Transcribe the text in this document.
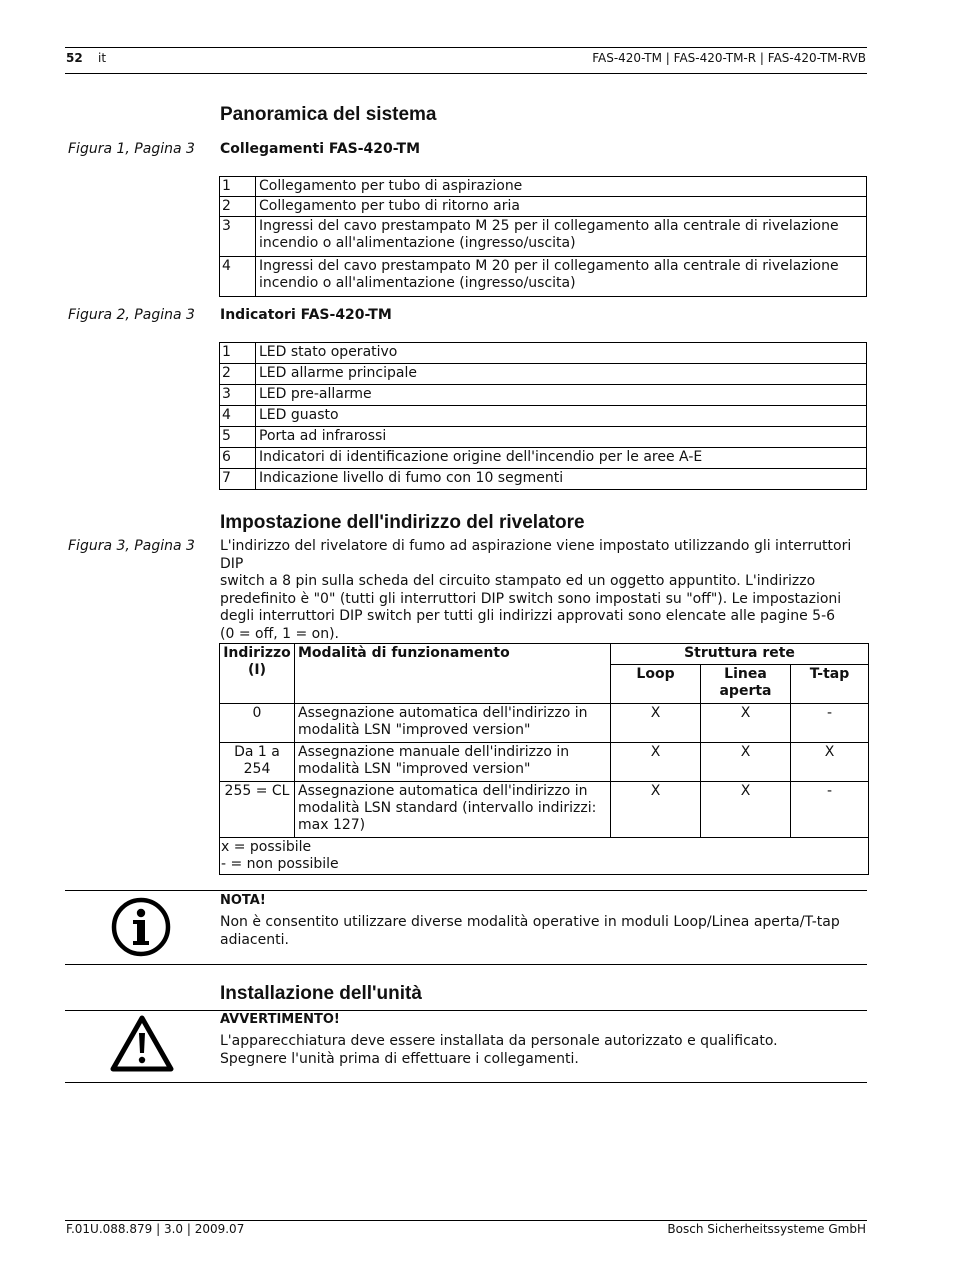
52 it	FAS-420-TM | FAS-420-TM-R | FAS-420-TM-RVB
Panoramica del sistema
Figura 1, Pagina 3 Collegamenti FAS-420-TM
1	Collegamento per tubo di aspirazione
2	Collegamento per tubo di ritorno aria
3	Ingressi del cavo prestampato M 25 per il collegamento alla centrale di rivelazione incendio o all'alimentazione (ingresso/uscita)
4	Ingressi del cavo prestampato M 20 per il collegamento alla centrale di rivelazione incendio o all'alimentazione (ingresso/uscita)
Figura 2, Pagina 3 Indicatori FAS-420-TM
1	LED stato operativo
2	LED allarme principale
3	LED pre-allarme
4	LED guasto
5	Porta ad infrarossi
6	Indicatori di identificazione origine dell'incendio per le aree A-E
7	Indicazione livello di fumo con 10 segmenti
Impostazione dell'indirizzo del rivelatore
Figura 3, Pagina 3 L'indirizzo del rivelatore di fumo ad aspirazione viene impostato utilizzando gli interruttori DIP

switch a 8 pin sulla scheda del circuito stampato ed un oggetto appuntito. L'indirizzo

predefinito è "0" (tutti gli interruttori DIP switch sono impostati su "off"). Le impostazioni

degli interruttori DIP switch per tutti gli indirizzi approvati sono elencate alle pagine 5-6

(0 = off, 1 = on).

Indirizzo (I)	Modalità di funzionamento	Struttura rete		
		Loop	Linea aperta	T-tap
0	Assegnazione automatica dell'indirizzo in modalità LSN "improved version"	X	X	-
Da 1 a 254	Assegnazione manuale dell'indirizzo in modalità LSN "improved version"	X	X	X
255 = CL	Assegnazione automatica dell'indirizzo in modalità LSN standard (intervallo indirizzi: max 127)	X	X	-

x = possibile
- = non possibile				
NOTA!
Non è consentito utilizzare diverse modalità operative in moduli Loop/Linea aperta/T-tap adiacenti.
Installazione dell'unità
AVVERTIMENTO!

L'apparecchiatura deve essere installata da personale autorizzato e qualificato.

Spegnere l'unità prima di effettuare i collegamenti.

F.01U.088.879 | 3.0 | 2009.07	Bosch Sicherheitssysteme GmbH
